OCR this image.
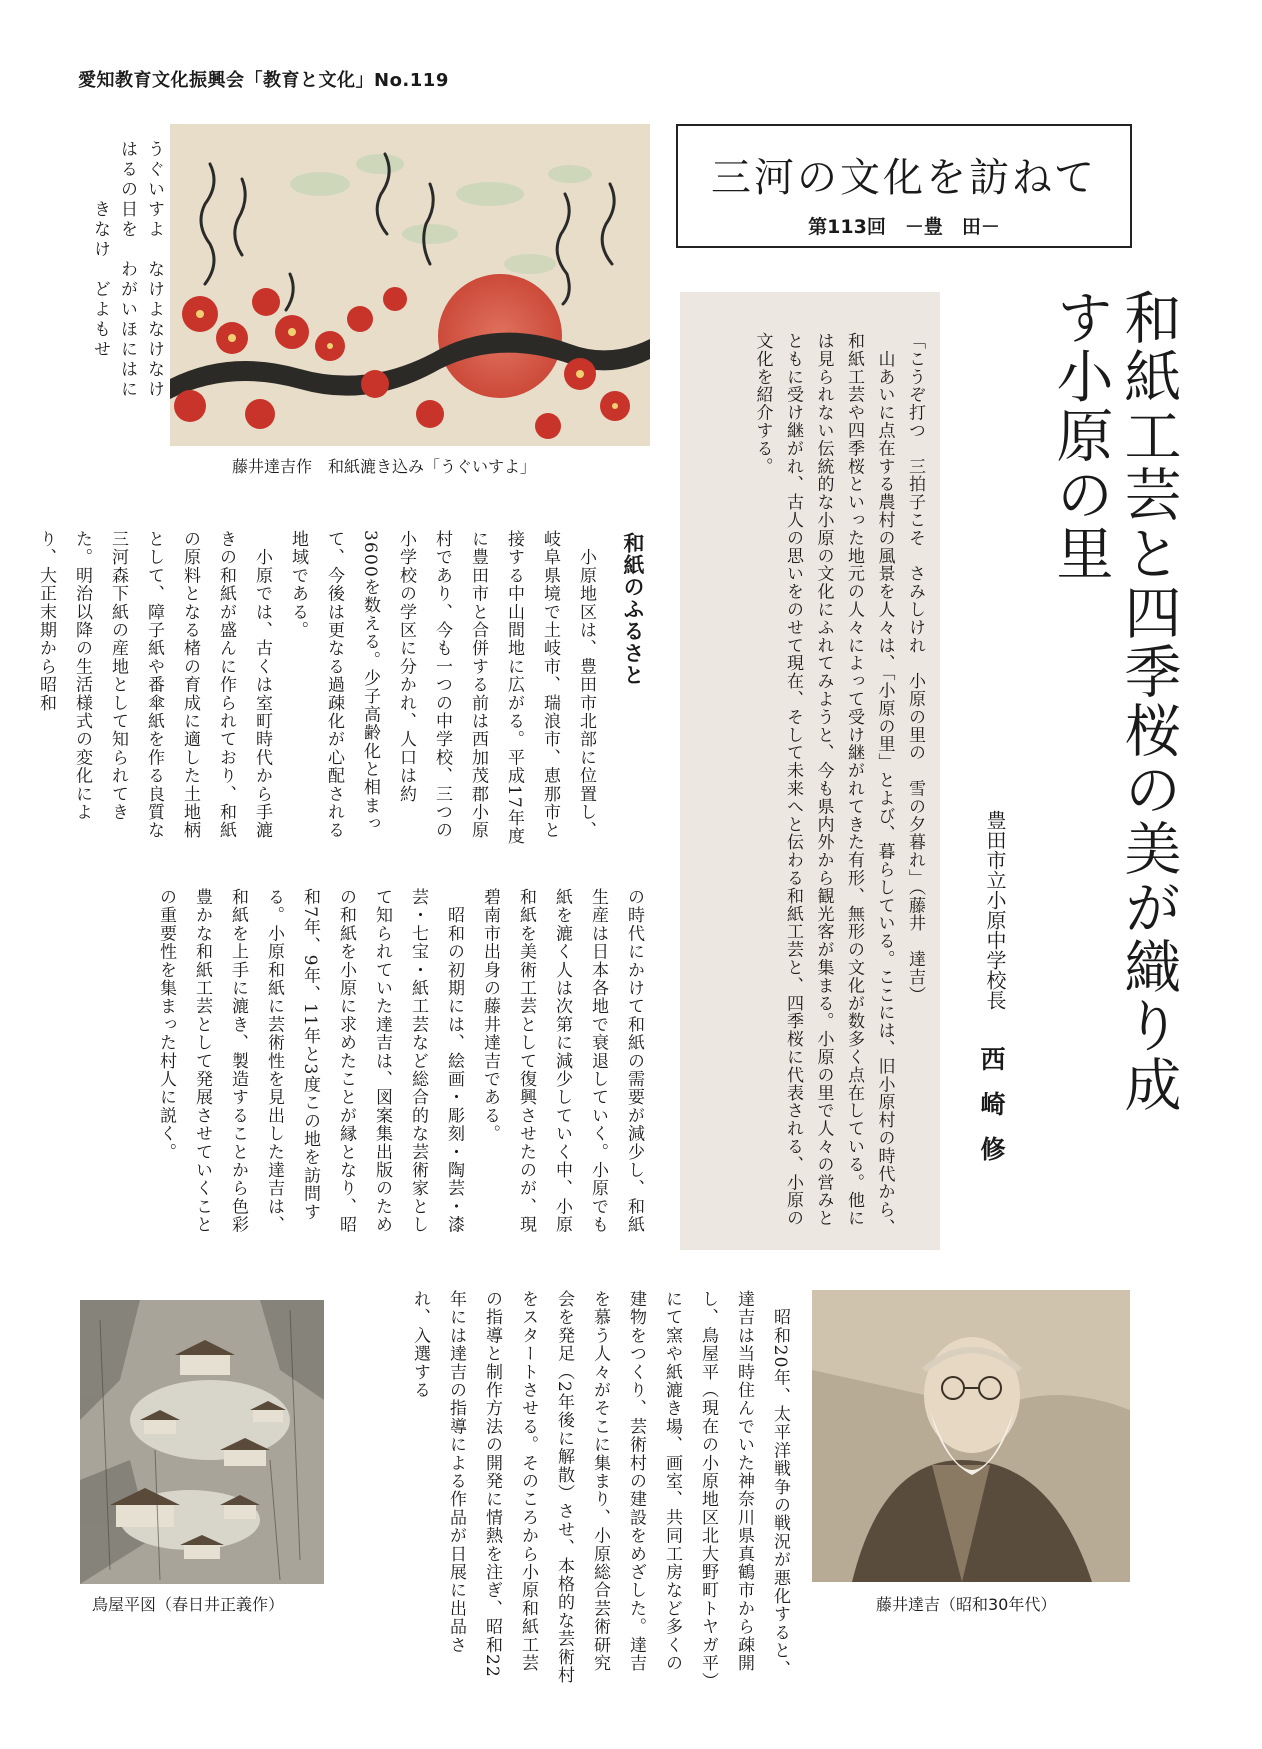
愛知教育文化振興会「教育と文化」No.119
三河の文化を訪ねて
第113回　－豊　田－
和紙工芸と四季桜の美が織り成す小原の里
豊田市立小原中学校長
西崎修
「こうぞ打つ　三拍子こそ　さみしけれ　小原の里の　雪の夕暮れ」（藤井　達吉）
　山あいに点在する農村の風景を人々は、「小原の里」とよび、暮らしている。ここには、旧小原村の時代から、和紙工芸や四季桜といった地元の人々によって受け継がれてきた有形、無形の文化が数多く点在している。他には見られない伝統的な小原の文化にふれてみようと、今も県内外から観光客が集まる。小原の里で人々の営みとともに受け継がれ、古人の思いをのせて現在、そして未来へと伝わる和紙工芸と、四季桜に代表される、小原の文化を紹介する。
藤井達吉作　和紙漉き込み「うぐいすよ」
うぐいすよ　なけよなけなけ
はるの日を　わがいほにはに
　　　きなけ　どよもせ
和紙のふるさと
　小原地区は、豊田市北部に位置し、岐阜県境で土岐市、瑞浪市、恵那市と接する中山間地に広がる。平成17年度に豊田市と合併する前は西加茂郡小原村であり、今も一つの中学校、三つの小学校の学区に分かれ、人口は約3600を数える。少子高齢化と相まって、今後は更なる過疎化が心配される地域である。
　小原では、古くは室町時代から手漉きの和紙が盛んに作られており、和紙の原料となる楮の育成に適した土地柄として、障子紙や番傘紙を作る良質な三河森下紙の産地として知られてきた。明治以降の生活様式の変化により、大正末期から昭和
の時代にかけて和紙の需要が減少し、和紙生産は日本各地で衰退していく。小原でも紙を漉く人は次第に減少していく中、小原和紙を美術工芸として復興させたのが、現碧南市出身の藤井達吉である。
　昭和の初期には、絵画・彫刻・陶芸・漆芸・七宝・紙工芸など総合的な芸術家として知られていた達吉は、図案集出版のための和紙を小原に求めたことが縁となり、昭和7年、9年、11年と3度この地を訪問する。小原和紙に芸術性を見出した達吉は、和紙を上手に漉き、製造することから色彩豊かな和紙工芸として発展させていくことの重要性を集まった村人に説く。
　昭和20年、太平洋戦争の戦況が悪化すると、達吉は当時住んでいた神奈川県真鶴市から疎開し、鳥屋平（現在の小原地区北大野町トヤガ平）にて窯や紙漉き場、画室、共同工房など多くの建物をつくり、芸術村の建設をめざした。達吉を慕う人々がそこに集まり、小原総合芸術研究会を発足（2年後に解散）させ、本格的な芸術村をスタートさせる。そのころから小原和紙工芸の指導と制作方法の開発に情熱を注ぎ、昭和22年には達吉の指導による作品が日展に出品され、入選する
鳥屋平図（春日井正義作）	藤井達吉（昭和30年代）
